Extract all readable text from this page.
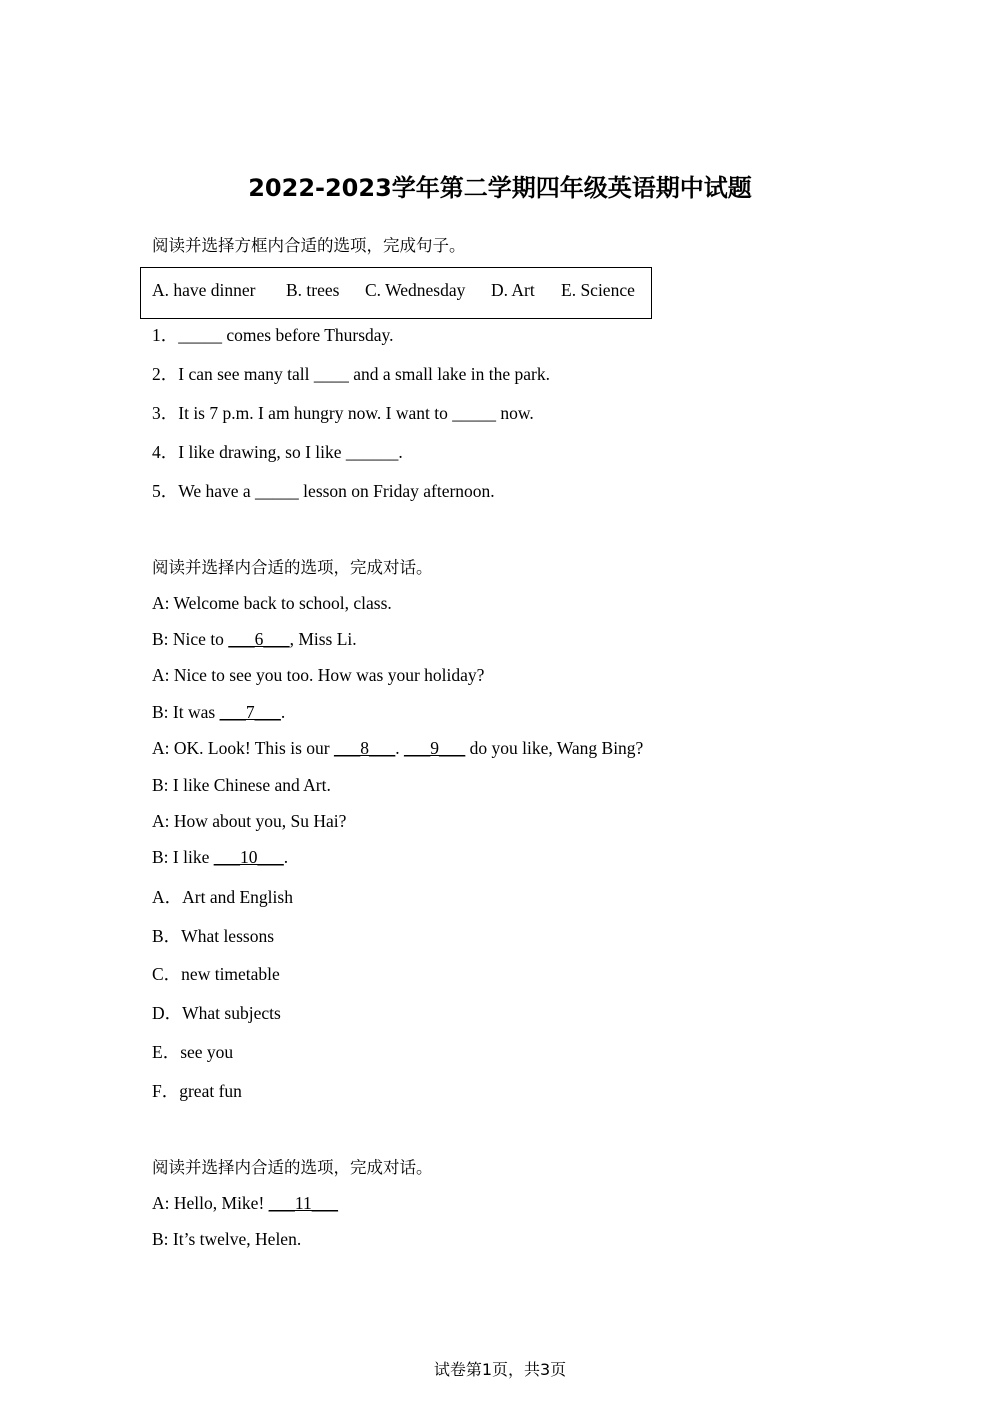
2022-2023学年第二学期四年级英语期中试题
阅读并选择方框内合适的选项，完成句子。
A. have dinner B. trees C. Wednesday D. Art E. Science
1．_____ comes before Thursday.
2．I can see many tall ____ and a small lake in the park.
3．It is 7 p.m. I am hungry now. I want to _____ now.
4．I like drawing, so I like ______.
5．We have a _____ lesson on Friday afternoon.
阅读并选择内合适的选项，完成对话。
A: Welcome back to school, class.
B: Nice to ___6___, Miss Li.
A: Nice to see you too. How was your holiday?
B: It was ___7___.
A: OK. Look! This is our ___8___. ___9___ do you like, Wang Bing?
B: I like Chinese and Art.
A: How about you, Su Hai?
B: I like ___10___.
A．Art and English
B．What lessons
C．new timetable
D．What subjects
E．see you
F．great fun
阅读并选择内合适的选项，完成对话。
A: Hello, Mike! ___11___
B: It’s twelve, Helen.
试卷第1页，共3页
